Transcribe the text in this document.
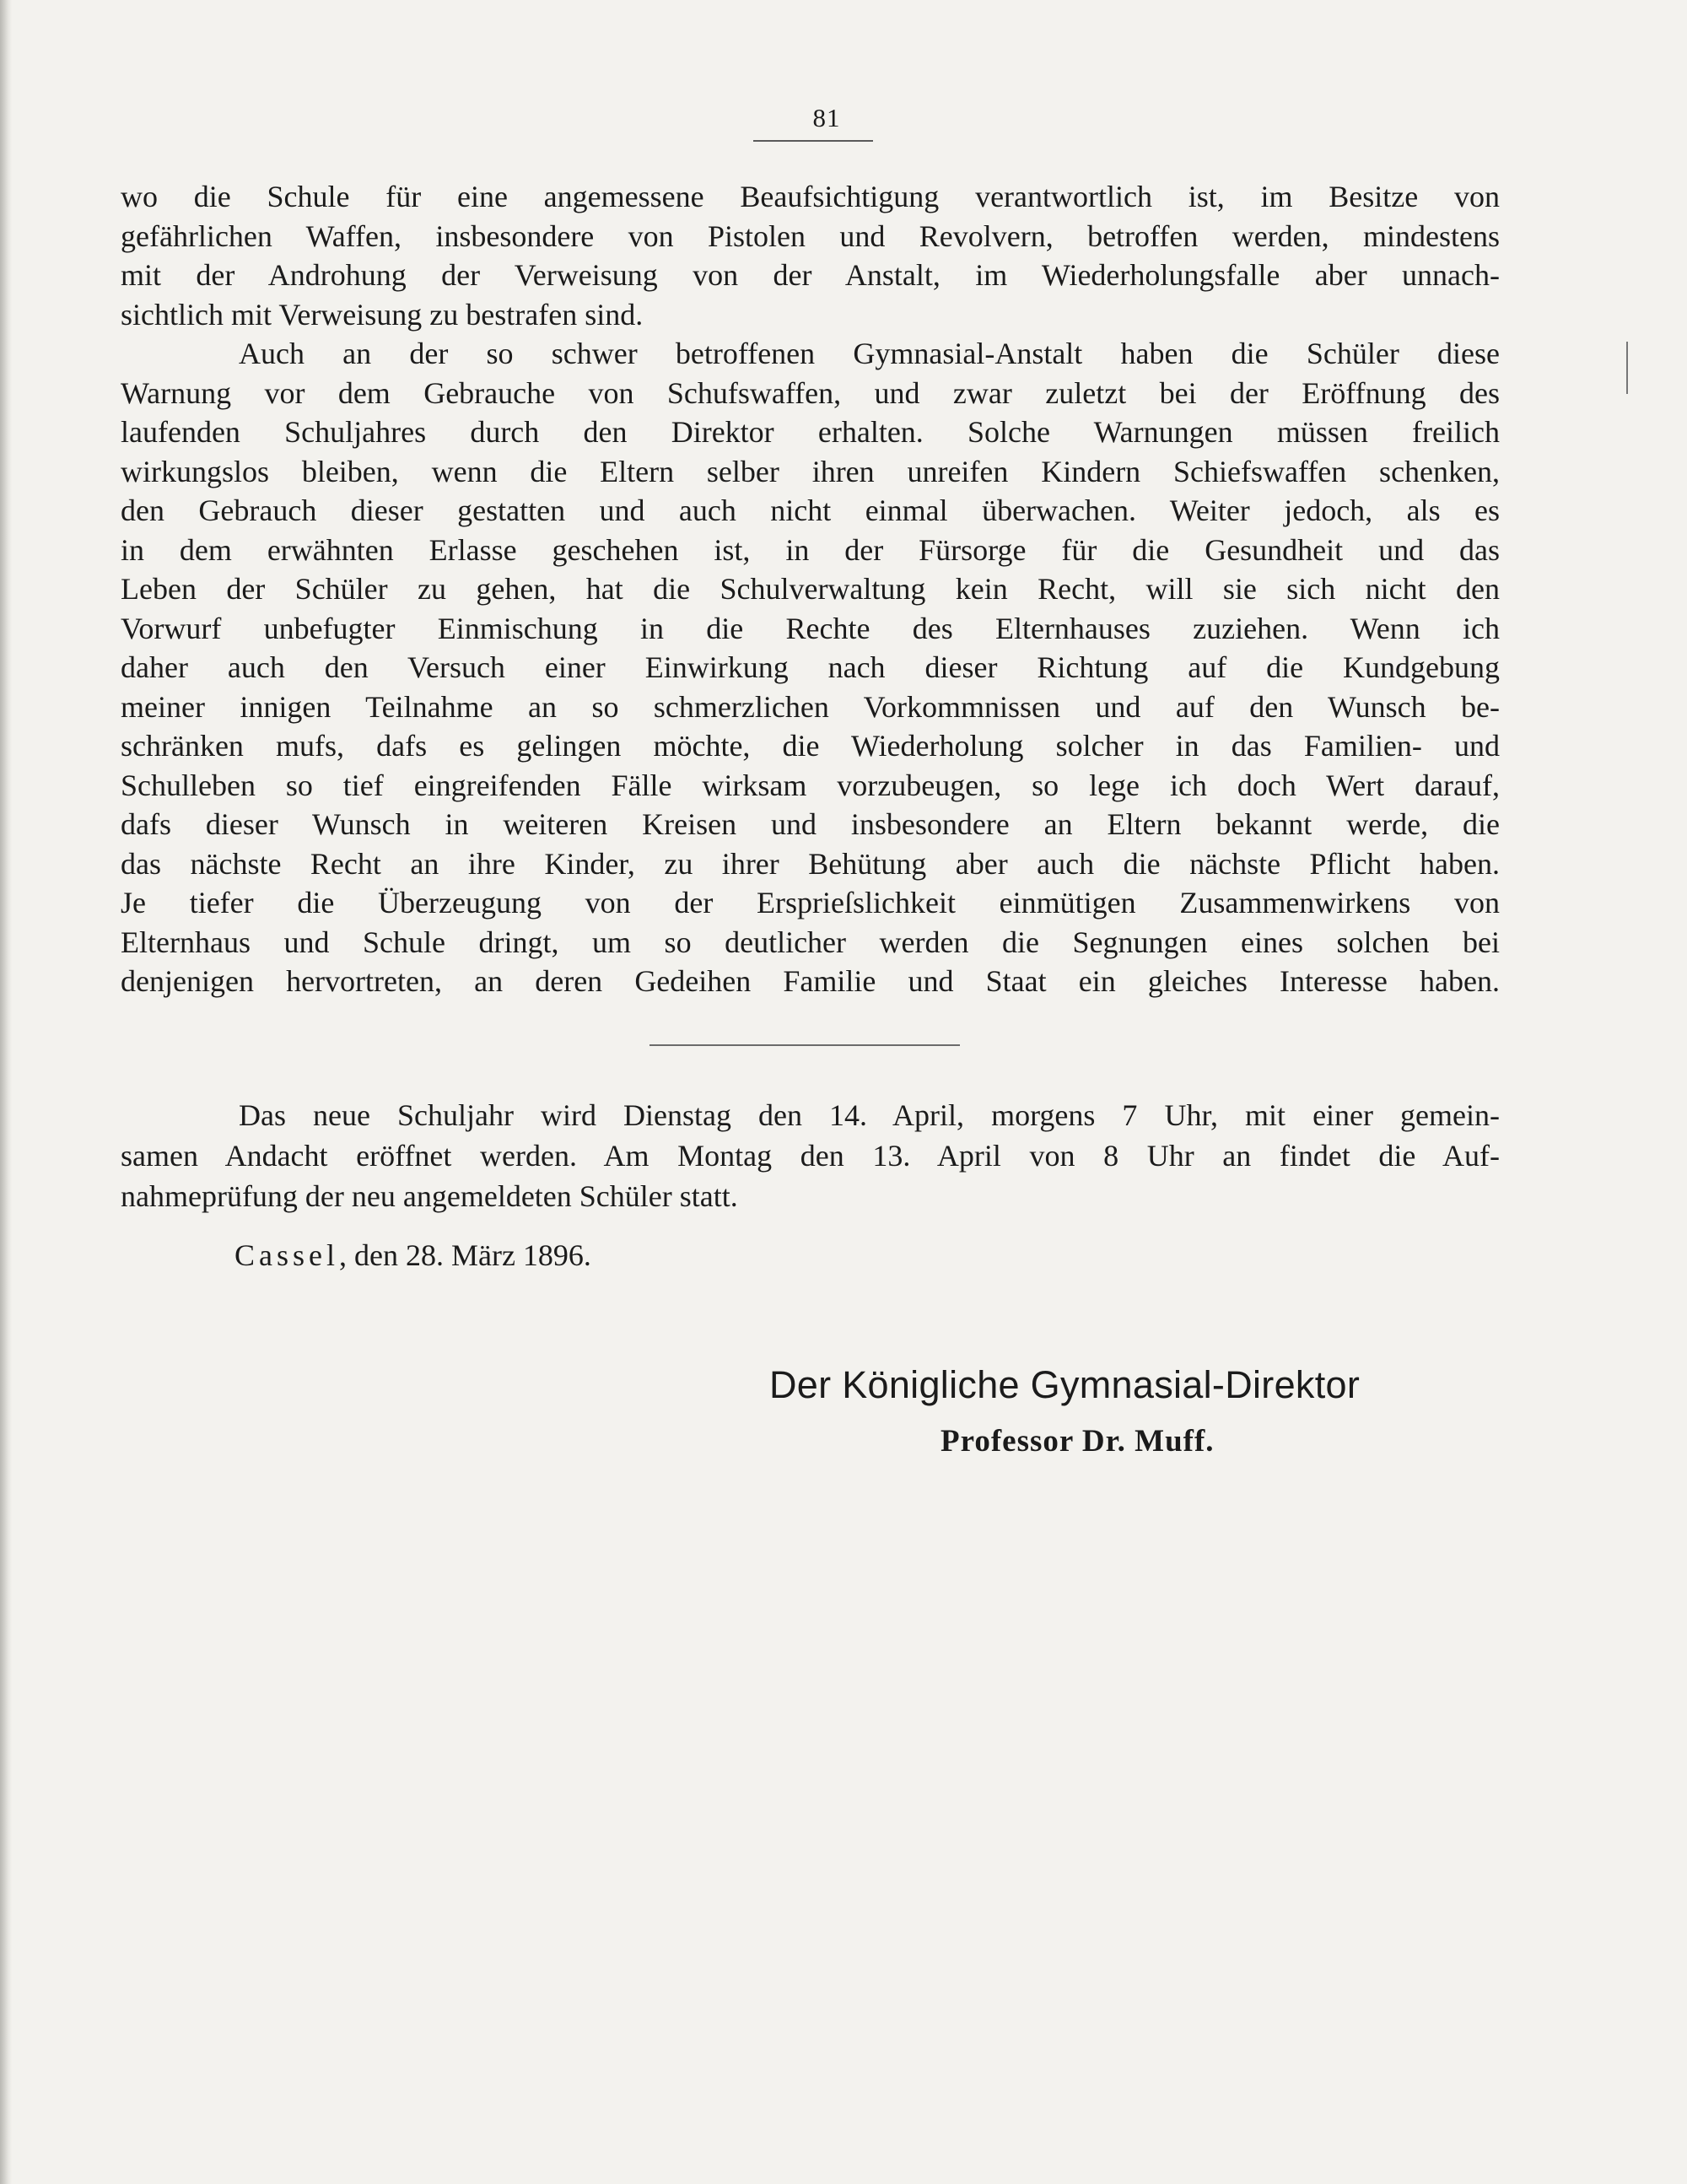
81
wo die Schule für eine angemessene Beaufsichtigung verantwortlich ist, im Besitze von
gefährlichen Waffen, insbesondere von Pistolen und Revolvern, betroffen werden, mindestens
mit der Androhung der Verweisung von der Anstalt, im Wiederholungsfalle aber unnach-
sichtlich mit Verweisung zu bestrafen sind.
Auch an der so schwer betroffenen Gymnasial-Anstalt haben die Schüler diese
Warnung vor dem Gebrauche von Schufswaffen, und zwar zuletzt bei der Eröffnung des
laufenden Schuljahres durch den Direktor erhalten. Solche Warnungen müssen freilich
wirkungslos bleiben, wenn die Eltern selber ihren unreifen Kindern Schiefswaffen schenken,
den Gebrauch dieser gestatten und auch nicht einmal überwachen. Weiter jedoch, als es
in dem erwähnten Erlasse geschehen ist, in der Fürsorge für die Gesundheit und das
Leben der Schüler zu gehen, hat die Schulverwaltung kein Recht, will sie sich nicht den
Vorwurf unbefugter Einmischung in die Rechte des Elternhauses zuziehen. Wenn ich
daher auch den Versuch einer Einwirkung nach dieser Richtung auf die Kundgebung
meiner innigen Teilnahme an so schmerzlichen Vorkommnissen und auf den Wunsch be-
schränken mufs, dafs es gelingen möchte, die Wiederholung solcher in das Familien- und
Schulleben so tief eingreifenden Fälle wirksam vorzubeugen, so lege ich doch Wert darauf,
dafs dieser Wunsch in weiteren Kreisen und insbesondere an Eltern bekannt werde, die
das nächste Recht an ihre Kinder, zu ihrer Behütung aber auch die nächste Pflicht haben.
Je tiefer die Überzeugung von der Ersprieſslichkeit einmütigen Zusammenwirkens von
Elternhaus und Schule dringt, um so deutlicher werden die Segnungen eines solchen bei
denjenigen hervortreten, an deren Gedeihen Familie und Staat ein gleiches Interesse haben.
Das neue Schuljahr wird Dienstag den 14. April, morgens 7 Uhr, mit einer gemein-
samen Andacht eröffnet werden. Am Montag den 13. April von 8 Uhr an findet die Auf-
nahmeprüfung der neu angemeldeten Schüler statt.
Cassel, den 28. März 1896.
Der Königliche Gymnasial-Direktor
Professor Dr. Muff.
